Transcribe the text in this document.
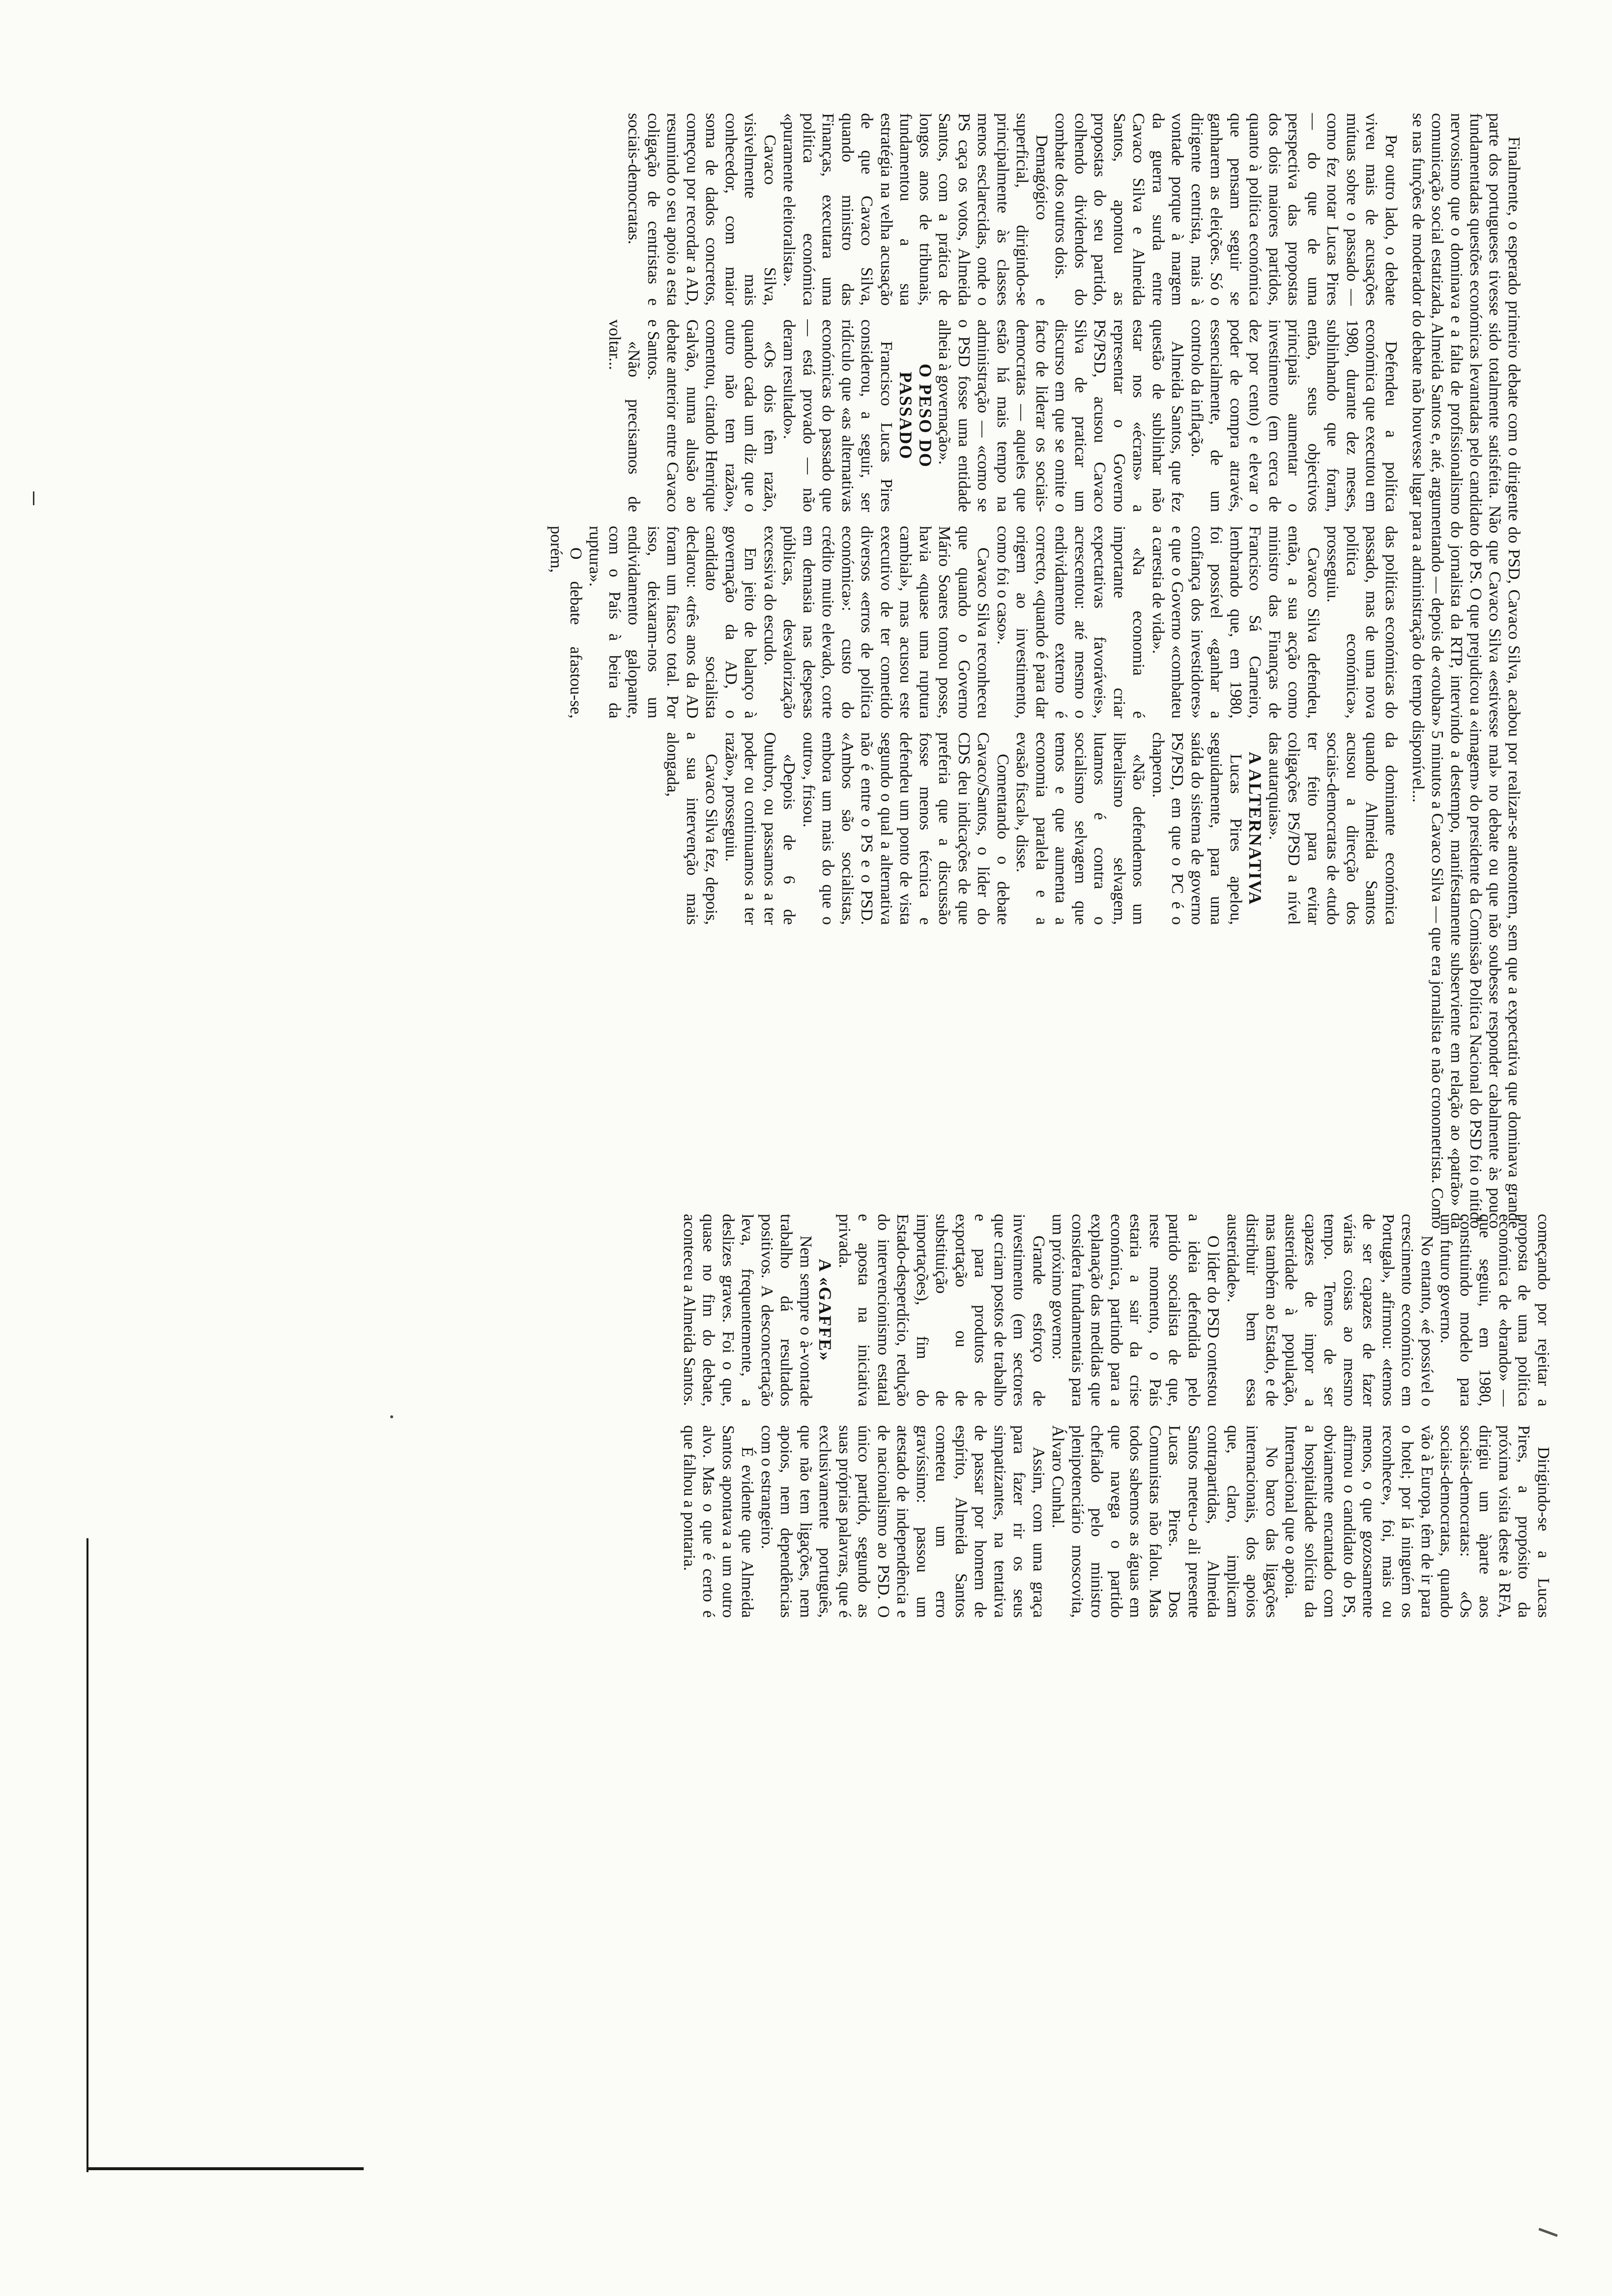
Finalmente, o esperado primeiro debate com o dirigente do PSD, Cavaco Silva, acabou por realizar-se anteontem, sem que a expectativa que dominava grande parte dos portugueses tivesse sido totalmente satisfeita. Não que Cavaco Silva «estivesse mal» no debate ou que não soubesse responder cabalmente às pouco fundamentadas questões económicas levantadas pelo candidato do PS. O que prejudicou a «imagem» do presidente da Comissão Política Nacional do PSD foi o nítido nervosismo que o dominava e a falta de profissionalismo do jornalista da RTP, intervindo a destempo, manifestamente subserviente em relação ao «patrão» da comunicação social estatizada, Almeida Santos e, até, argumentando — depois de «roubar» 5 minutos a Cavaco Silva — que era jornalista e não cronometrista. Como se nas funções de moderador do debate não houvesse lugar para a administração do tempo disponível...

Por outro lado, o debate viveu mais de acusações mútuas sobre o passado — como fez notar Lucas Pires — do que de uma perspectiva das propostas dos dois maiores partidos, quanto à política económica que pensam seguir se ganharem as eleições. Só o dirigente centrista, mais à vontade porque à margem da guerra surda entre Cavaco Silva e Almeida Santos, apontou as propostas do seu partido, colhendo dividendos do combate dos outros dois.

Demagógico e superficial, dirigindo-se principalmente às classes menos esclarecidas, onde o PS caça os votos, Almeida Santos, com a prática de longos anos de tribunais, fundamentou a sua estratégia na velha acusação de que Cavaco Silva, quando ministro das Finanças, executara uma política económica «puramente eleitoralista».

Cavaco Silva, visivelmente mais conhecedor, com maior soma de dados concretos, começou por recordar a AD, resumindo o seu apoio a esta coligação de centristas e sociais-democratas.

Defendeu a política económica que executou em 1980, durante dez meses, sublinhando que foram, então, seus objectivos principais aumentar o investimento (em cerca de dez por cento) e elevar o poder de compra através, essencialmente, de um controlo da inflação.

Almeida Santos, que fez questão de sublinhar não estar nos «écrans» a representar o Governo PS/PSD, acusou Cavaco Silva de praticar um discurso em que se omite o facto de liderar os sociais-democratas — aqueles que estão há mais tempo na administração — «como se o PSD fosse uma entidade alheia à governação».

O PESO DO PASSADO

Francisco Lucas Pires considerou, a seguir, ser ridículo que «as alternativas económicas do passado que — está provado — não deram resultado».

«Os dois têm razão, quando cada um diz que o outro não tem razão», comentou, citando Henrique Galvão, numa alusão ao debate anterior entre Cavaco e Santos.

«Não precisamos de voltar...

das políticas económicas do passado, mas de uma nova política económica», prosseguiu.

Cavaco Silva defendeu, então, a sua acção como ministro das Finanças de Francisco Sá Carneiro, lembrando que, em 1980, foi possível «ganhar a confiança dos investidores» e que o Governo «combateu a carestia de vida».

«Na economia é importante criar expectativas favoráveis», acrescentou: até mesmo o endividamento externo é correcto, «quando é para dar origem ao investimento, como foi o caso».

Cavaco Silva reconheceu que quando o Governo Mário Soares tomou posse, havia «quase uma ruptura cambial», mas acusou este executivo de ter cometido diversos «erros de política económica»: custo do crédito muito elevado, corte em demasia nas despesas públicas, desvalorização excessiva do escudo.

Em jeito de balanço à governação da AD, o candidato socialista declarou: «três anos da AD foram um fiasco total. Por isso, deixaram-nos um endividamento galopante, com o País à beira da ruptura».

O debate afastou-se, porém,

da dominante económica quando Almeida Santos acusou a direcção dos sociais-democratas de «tudo ter feito para evitar coligações PS/PSD a nível das autarquias».

A ALTERNATIVA

Lucas Pires apelou, seguidamente, para uma saída do sistema de governo PS/PSD, em que o PC é o chaperon.

«Não defendemos um liberalismo selvagem, lutamos é contra o socialismo selvagem que temos e que aumenta a economia paralela e a evasão fiscal», disse.

Comentando o debate Cavaco/Santos, o líder do CDS deu indicações de que preferia que a discussão fosse menos técnica e defendeu um ponto de vista segundo o qual a alternativa não é entre o PS e o PSD. «Ambos são socialistas, embora um mais do que o outro», frisou.

«Depois de 6 de Outubro, ou passamos a ter poder ou continuamos a ter razão», prosseguiu.

Cavaco Silva fez, depois, a sua intervenção mais alongada,

começando por rejeitar a proposta de uma política económica de «brando» — que seguiu, em 1980, constituindo modelo para um futuro governo.

No entanto, «é possível o crescimento económico em Portugal», afirmou: «temos de ser capazes de fazer várias coisas ao mesmo tempo. Temos de ser capazes de impor a austeridade à população, mas também ao Estado, e de distribuir bem essa austeridade».

O líder do PSD contestou a ideia defendida pelo partido socialista de que, neste momento, o País estaria a sair da crise económica, partindo para a explanação das medidas que considera fundamentais para um próximo governo:

Grande esforço de investimento (em sectores que criam postos de trabalho e para produtos de exportação ou de substituição de importações), fim do Estado-desperdício, redução do intervencionismo estatal e aposta na iniciativa privada.

A «GAFFE»

Nem sempre o à-vontade trabalho dá resultados positivos. A desconcertação leva, frequentemente, a deslizes graves. Foi o que, quase no fim do debate, aconteceu a Almeida Santos.

Dirigindo-se a Lucas Pires, a propósito da próxima visita deste à RFA, dirigiu um àparte aos sociais-democratas: «Os sociais-democratas, quando vão à Europa, têm de ir para o hotel; por lá ninguém os reconhece», foi, mais ou menos, o que gozosamente afirmou o candidato do PS, obviamente encantado com a hospitalidade solícita da Internacional que o apoia.

No barco das ligações internacionais, dos apoios que, claro, implicam contrapartidas, Almeida Santos meteu-o ali presente Lucas Pires. Dos Comunistas não falou. Mas todos sabemos as águas em que navega o partido chefiado pelo ministro plenipotenciário moscovita, Álvaro Cunhal.

Assim, com uma graça para fazer rir os seus simpatizantes, na tentativa de passar por homem de espírito, Almeida Santos cometeu um erro gravíssimo: passou um atestado de independência e de nacionalismo ao PSD. O único partido, segundo as suas próprias palavras, que é exclusivamente português, que não tem ligações, nem apoios, nem dependências com o estrangeiro.

É evidente que Almeida Santos apontava a um outro alvo. Mas o que é certo é que falhou a pontaria.
